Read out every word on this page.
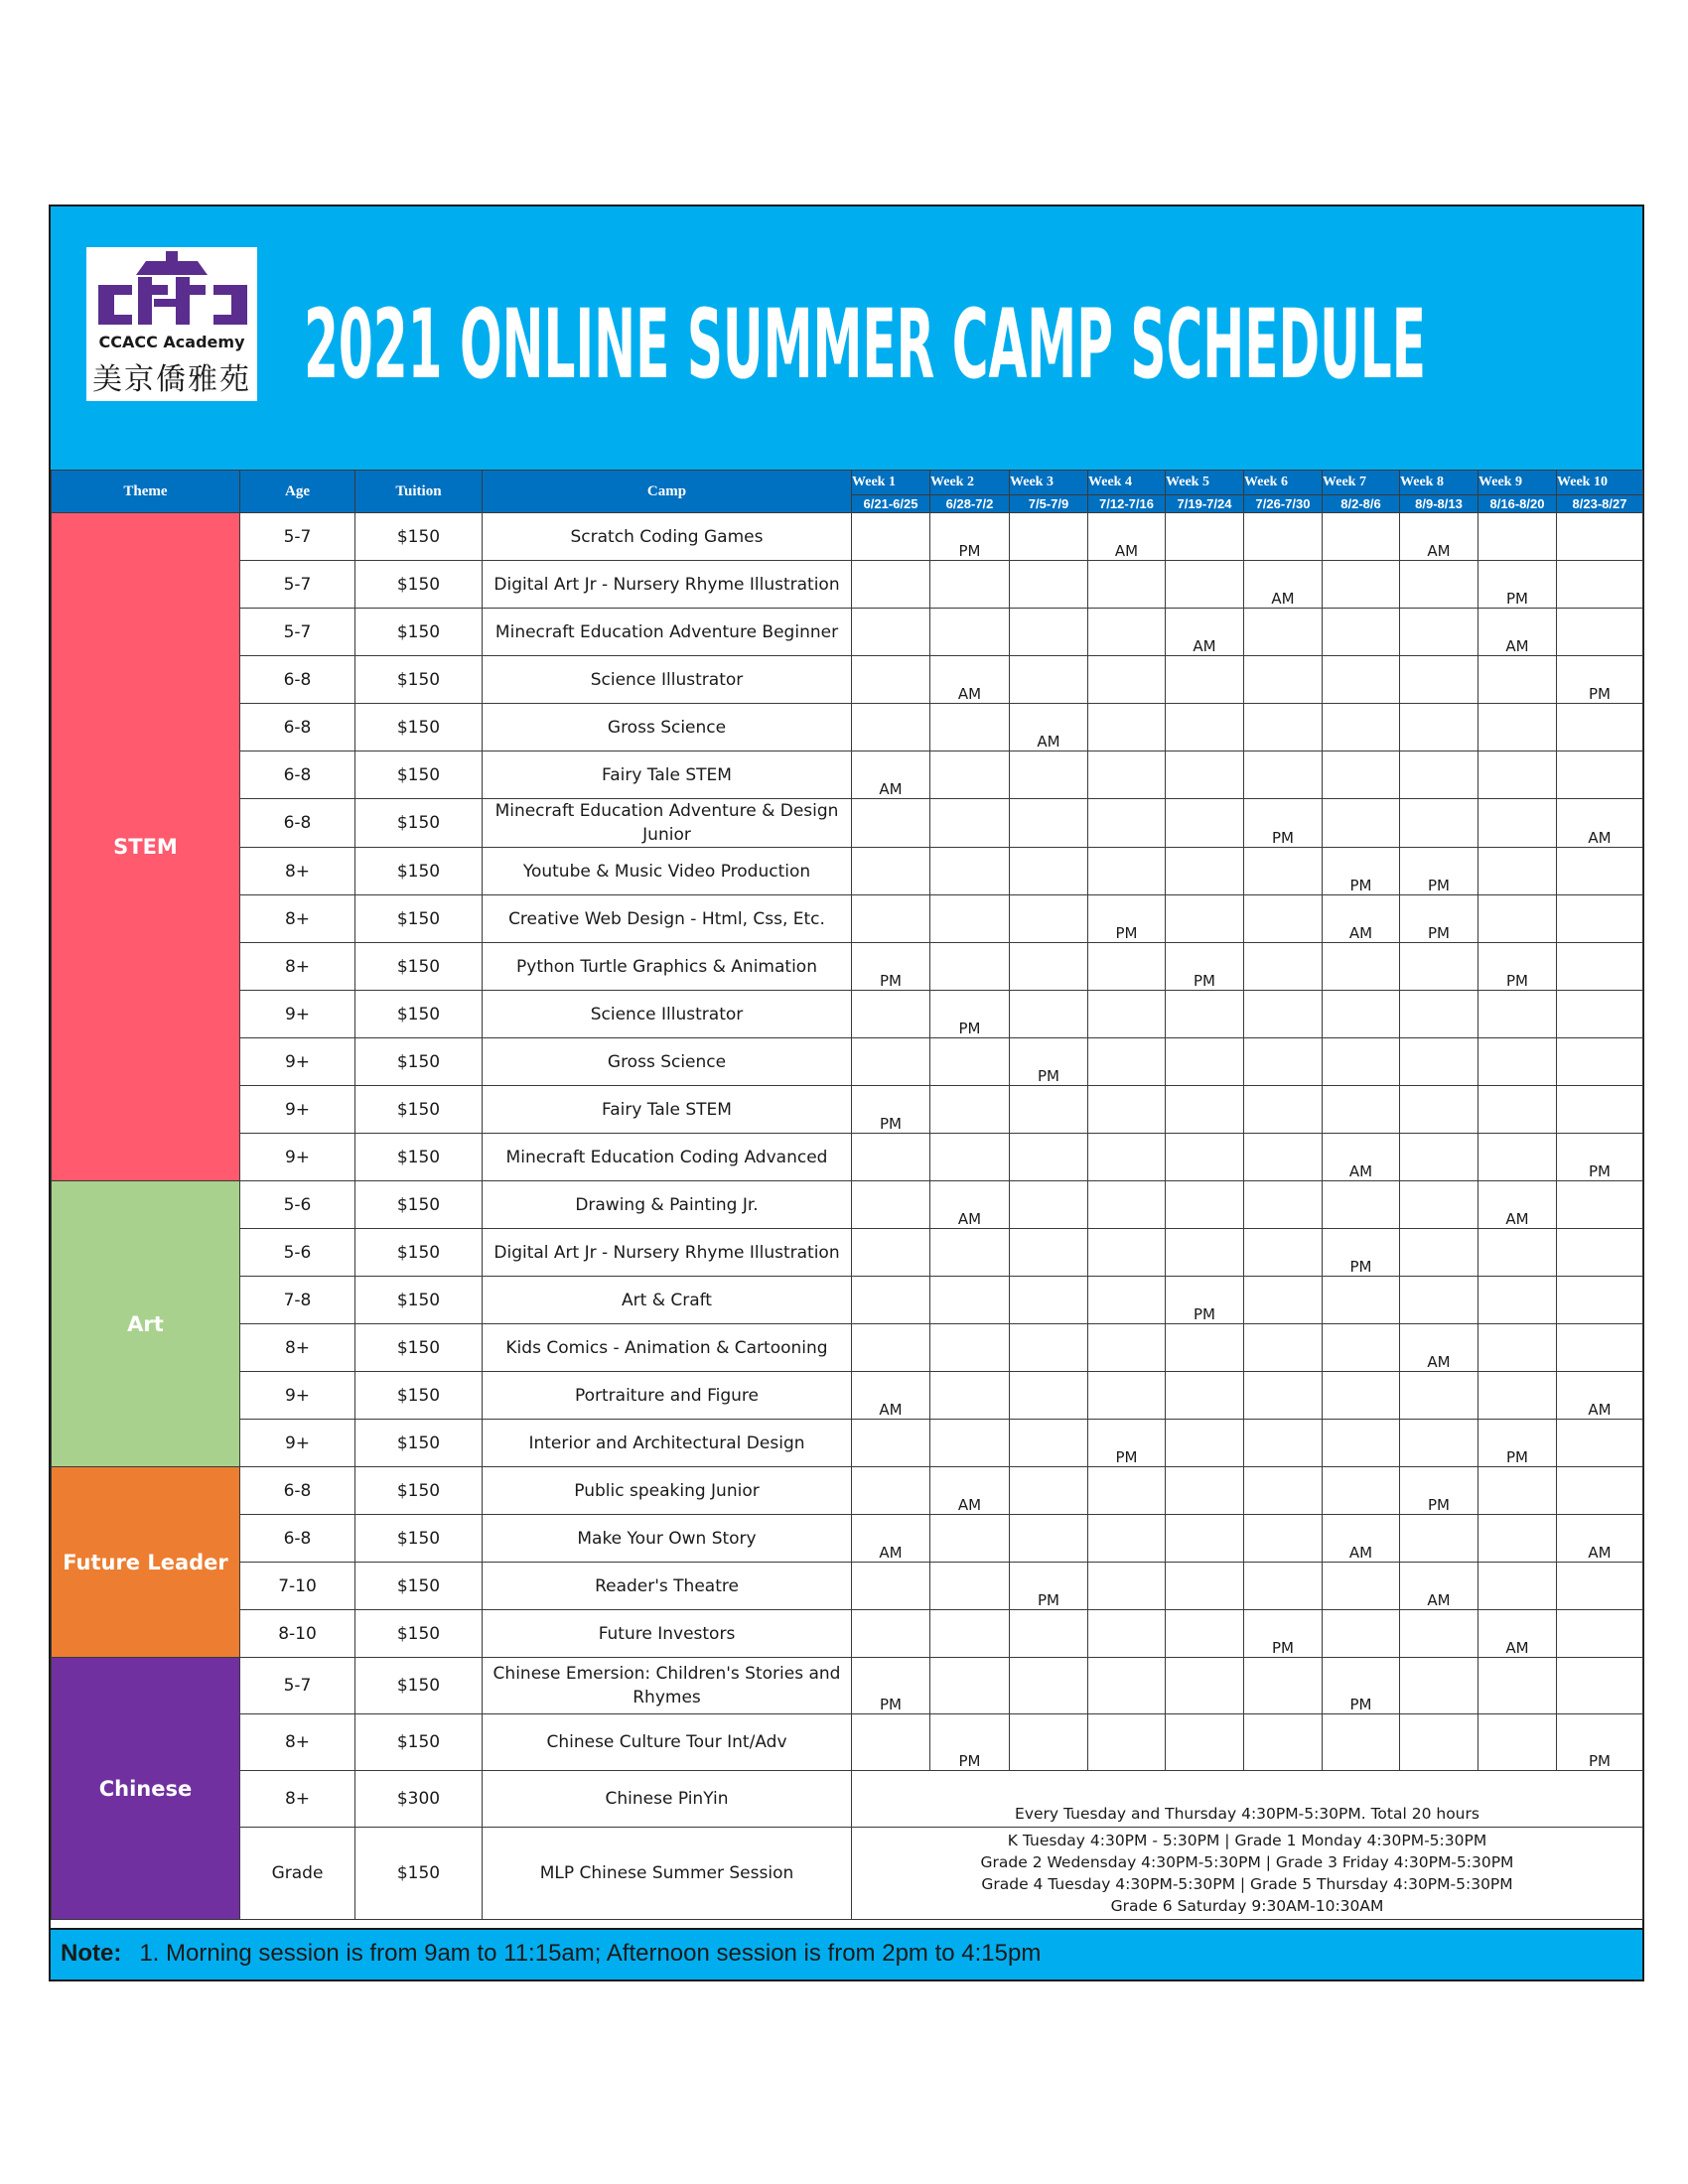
CCACC Academy
美京僑雅苑 2021 ONLINE SUMMER CAMP SCHEDULE
Theme	Age	Tuition	Camp	Week 1	Week 2	Week 3	Week 4	Week 5	Week 6	Week 7	Week 8	Week 9	Week 10
				6/21-6/25	6/28-7/2	7/5-7/9	7/12-7/16	7/19-7/24	7/26-7/30	8/2-8/6	8/9-8/13	8/16-8/20	8/23-8/27
STEM	5-7	$150	Scratch Coding Games		PM		AM				AM		
	5-7	$150	Digital Art Jr - Nursery Rhyme Illustration						AM			PM	
	5-7	$150	Minecraft Education Adventure Beginner					AM				AM	
	6-8	$150	Science Illustrator		AM								PM
	6-8	$150	Gross Science			AM							
	6-8	$150	Fairy Tale STEM	AM									
	6-8	$150	Minecraft Education Adventure & Design Junior						PM				AM
	8+	$150	Youtube & Music Video Production							PM	PM		
	8+	$150	Creative Web Design - Html, Css, Etc.				PM			AM	PM		
	8+	$150	Python Turtle Graphics & Animation	PM				PM				PM	
	9+	$150	Science Illustrator		PM								
	9+	$150	Gross Science			PM							
	9+	$150	Fairy Tale STEM	PM									
	9+	$150	Minecraft Education Coding Advanced							AM			PM
Art	5-6	$150	Drawing & Painting Jr.		AM							AM	
	5-6	$150	Digital Art Jr - Nursery Rhyme Illustration							PM			
	7-8	$150	Art & Craft					PM					
	8+	$150	Kids Comics - Animation & Cartooning								AM		
	9+	$150	Portraiture and Figure	AM									AM
	9+	$150	Interior and Architectural Design				PM					PM	
Future Leader	6-8	$150	Public speaking Junior		AM						PM		
	6-8	$150	Make Your Own Story	AM						AM			AM
	7-10	$150	Reader's Theatre			PM					AM		
	8-10	$150	Future Investors						PM			AM	
Chinese	5-7	$150	Chinese Emersion: Children's Stories and Rhymes	PM						PM			
	8+	$150	Chinese Culture Tour Int/Adv		PM								PM
	8+	$300	Chinese PinYin	Every Tuesday and Thursday 4:30PM-5:30PM. Total 20 hours									
	Grade	$150	MLP Chinese Summer Session	K Tuesday 4:30PM - 5:30PM | Grade 1 Monday 4:30PM-5:30PM
Grade 2 Wedensday 4:30PM-5:30PM | Grade 3 Friday 4:30PM-5:30PM
Grade 4 Tuesday 4:30PM-5:30PM | Grade 5 Thursday 4:30PM-5:30PM
Grade 6 Saturday 9:30AM-10:30AM									
Note: 1. Morning session is from 9am to 11:15am; Afternoon session is from 2pm to 4:15pm
